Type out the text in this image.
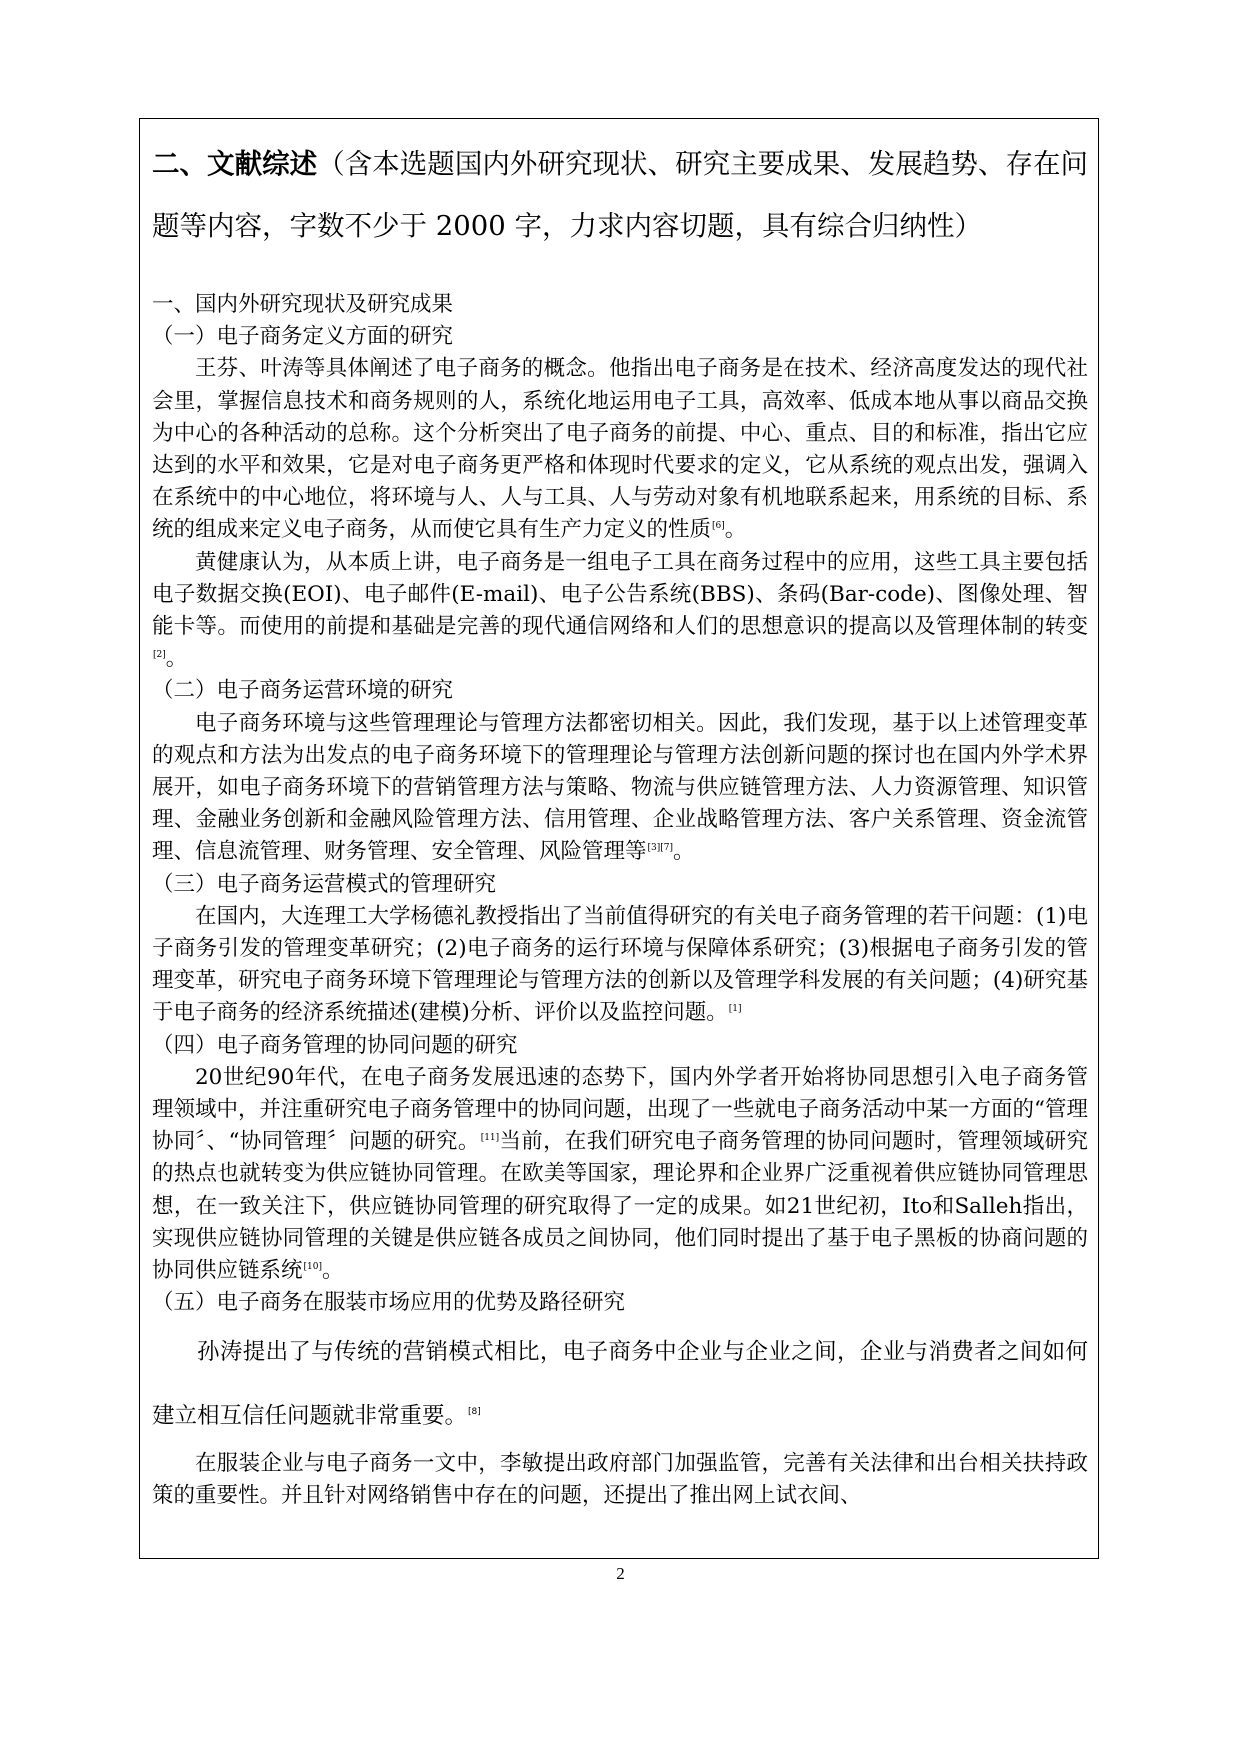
二、文献综述（含本选题国内外研究现状、研究主要成果、发展趋势、存在问题等内容，字数不少于 2000 字，力求内容切题，具有综合归纳性）

一、国内外研究现状及研究成果

（一）电子商务定义方面的研究

王芬、叶涛等具体阐述了电子商务的概念。他指出电子商务是在技术、经济高度发达的现代社会里，掌握信息技术和商务规则的人，系统化地运用电子工具，高效率、低成本地从事以商品交换为中心的各种活动的总称。这个分析突出了电子商务的前提、中心、重点、目的和标准，指出它应达到的水平和效果，它是对电子商务更严格和体现时代要求的定义，它从系统的观点出发，强调入在系统中的中心地位，将环境与人、人与工具、人与劳动对象有机地联系起来，用系统的目标、系统的组成来定义电子商务，从而使它具有生产力定义的性质[6]。

黄健康认为，从本质上讲，电子商务是一组电子工具在商务过程中的应用，这些工具主要包括电子数据交换(EOI)、电子邮件(E-mail)、电子公告系统(BBS)、条码(Bar-code)、图像处理、智能卡等。而使用的前提和基础是完善的现代通信网络和人们的思想意识的提高以及管理体制的转变[2]。

（二）电子商务运营环境的研究

电子商务环境与这些管理理论与管理方法都密切相关。因此，我们发现，基于以上述管理变革的观点和方法为出发点的电子商务环境下的管理理论与管理方法创新问题的探讨也在国内外学术界展开，如电子商务环境下的营销管理方法与策略、物流与供应链管理方法、人力资源管理、知识管理、金融业务创新和金融风险管理方法、信用管理、企业战略管理方法、客户关系管理、资金流管理、信息流管理、财务管理、安全管理、风险管理等[3][7]。

（三）电子商务运营模式的管理研究

在国内，大连理工大学杨德礼教授指出了当前值得研究的有关电子商务管理的若干问题：(1)电子商务引发的管理变革研究；(2)电子商务的运行环境与保障体系研究；(3)根据电子商务引发的管理变革，研究电子商务环境下管理理论与管理方法的创新以及管理学科发展的有关问题；(4)研究基于电子商务的经济系统描述(建模)分析、评价以及监控问题。[1]

（四）电子商务管理的协同问题的研究

20世纪90年代，在电子商务发展迅速的态势下，国内外学者开始将协同思想引入电子商务管理领域中，并注重研究电子商务管理中的协同问题，出现了一些就电子商务活动中某一方面的“管理协同〞、“协同管理〞问题的研究。[11]当前，在我们研究电子商务管理的协同问题时，管理领域研究的热点也就转变为供应链协同管理。在欧美等国家，理论界和企业界广泛重视着供应链协同管理思想，在一致关注下，供应链协同管理的研究取得了一定的成果。如21世纪初，Ito和Salleh指出，实现供应链协同管理的关键是供应链各成员之间协同，他们同时提出了基于电子黑板的协商问题的协同供应链系统[10]。

（五）电子商务在服装市场应用的优势及路径研究

孙涛提出了与传统的营销模式相比，电子商务中企业与企业之间，企业与消费者之间如何建立相互信任问题就非常重要。[8]

在服装企业与电子商务一文中，李敏提出政府部门加强监管，完善有关法律和出台相关扶持政策的重要性。并且针对网络销售中存在的问题，还提出了推出网上试衣间、

2
